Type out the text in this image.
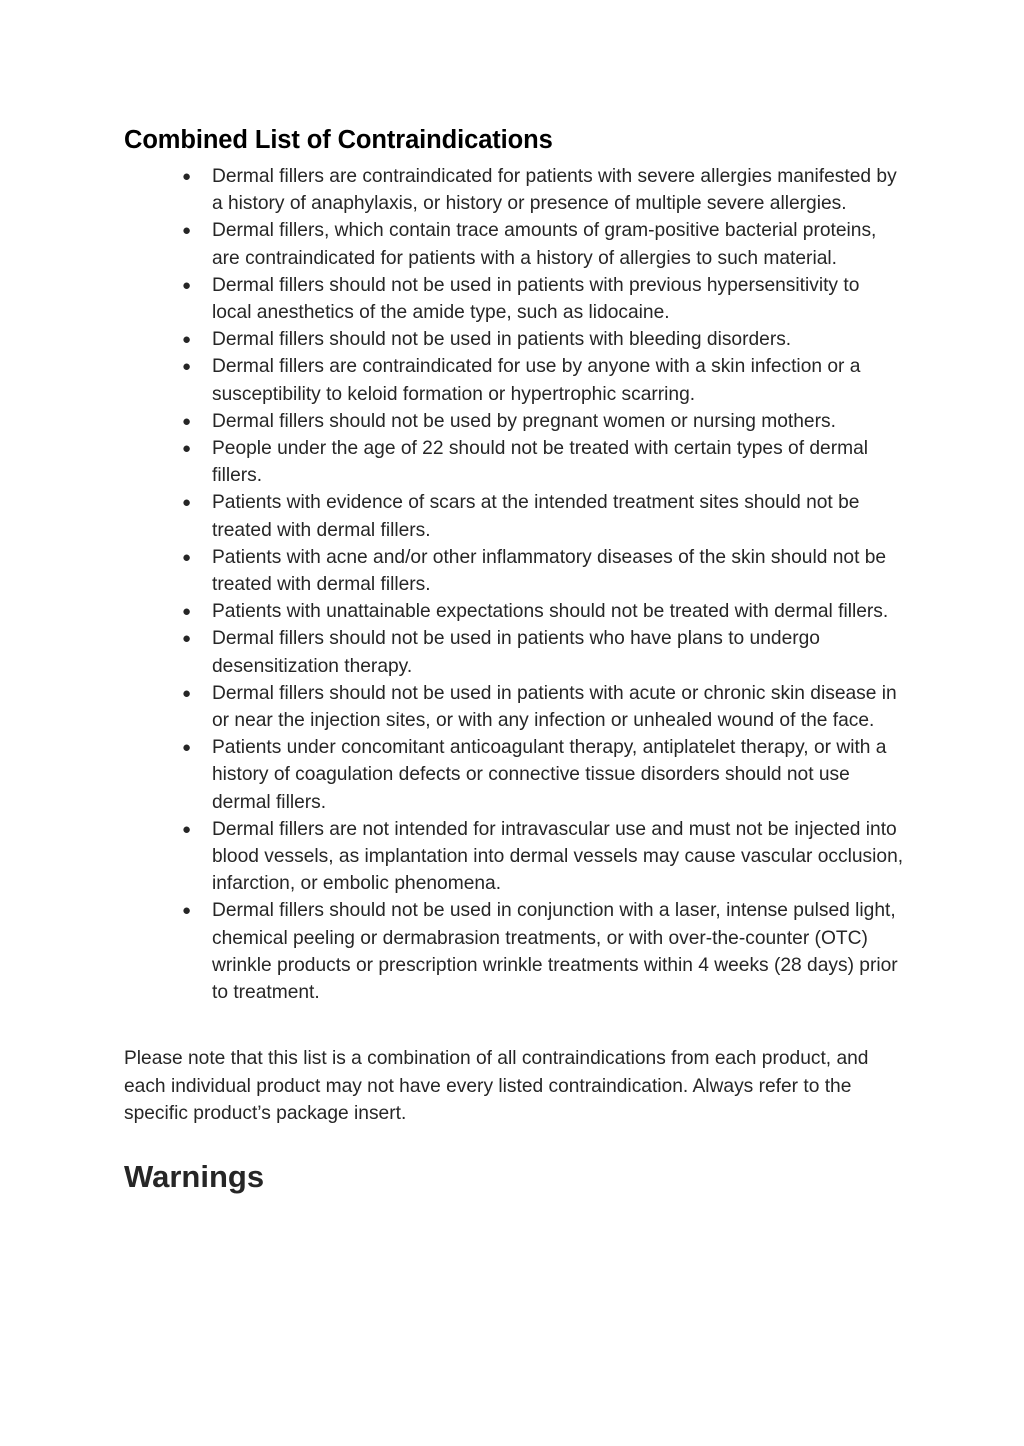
Combined List of Contraindications
● Dermal fillers are contraindicated for patients with severe allergies manifested by a history of anaphylaxis, or history or presence of multiple severe allergies.
● Dermal fillers, which contain trace amounts of gram-positive bacterial proteins, are contraindicated for patients with a history of allergies to such material.
● Dermal fillers should not be used in patients with previous hypersensitivity to local anesthetics of the amide type, such as lidocaine.
● Dermal fillers should not be used in patients with bleeding disorders.
● Dermal fillers are contraindicated for use by anyone with a skin infection or a susceptibility to keloid formation or hypertrophic scarring.
● Dermal fillers should not be used by pregnant women or nursing mothers.
● People under the age of 22 should not be treated with certain types of dermal fillers.
● Patients with evidence of scars at the intended treatment sites should not be treated with dermal fillers.
● Patients with acne and/or other inflammatory diseases of the skin should not be treated with dermal fillers.
● Patients with unattainable expectations should not be treated with dermal fillers.
● Dermal fillers should not be used in patients who have plans to undergo desensitization therapy.
● Dermal fillers should not be used in patients with acute or chronic skin disease in or near the injection sites, or with any infection or unhealed wound of the face.
● Patients under concomitant anticoagulant therapy, antiplatelet therapy, or with a history of coagulation defects or connective tissue disorders should not use dermal fillers.
● Dermal fillers are not intended for intravascular use and must not be injected into blood vessels, as implantation into dermal vessels may cause vascular occlusion, infarction, or embolic phenomena.
● Dermal fillers should not be used in conjunction with a laser, intense pulsed light, chemical peeling or dermabrasion treatments, or with over-the-counter (OTC) wrinkle products or prescription wrinkle treatments within 4 weeks (28 days) prior to treatment.

Please note that this list is a combination of all contraindications from each product, and each individual product may not have every listed contraindication. Always refer to the specific product’s package insert.

Warnings
